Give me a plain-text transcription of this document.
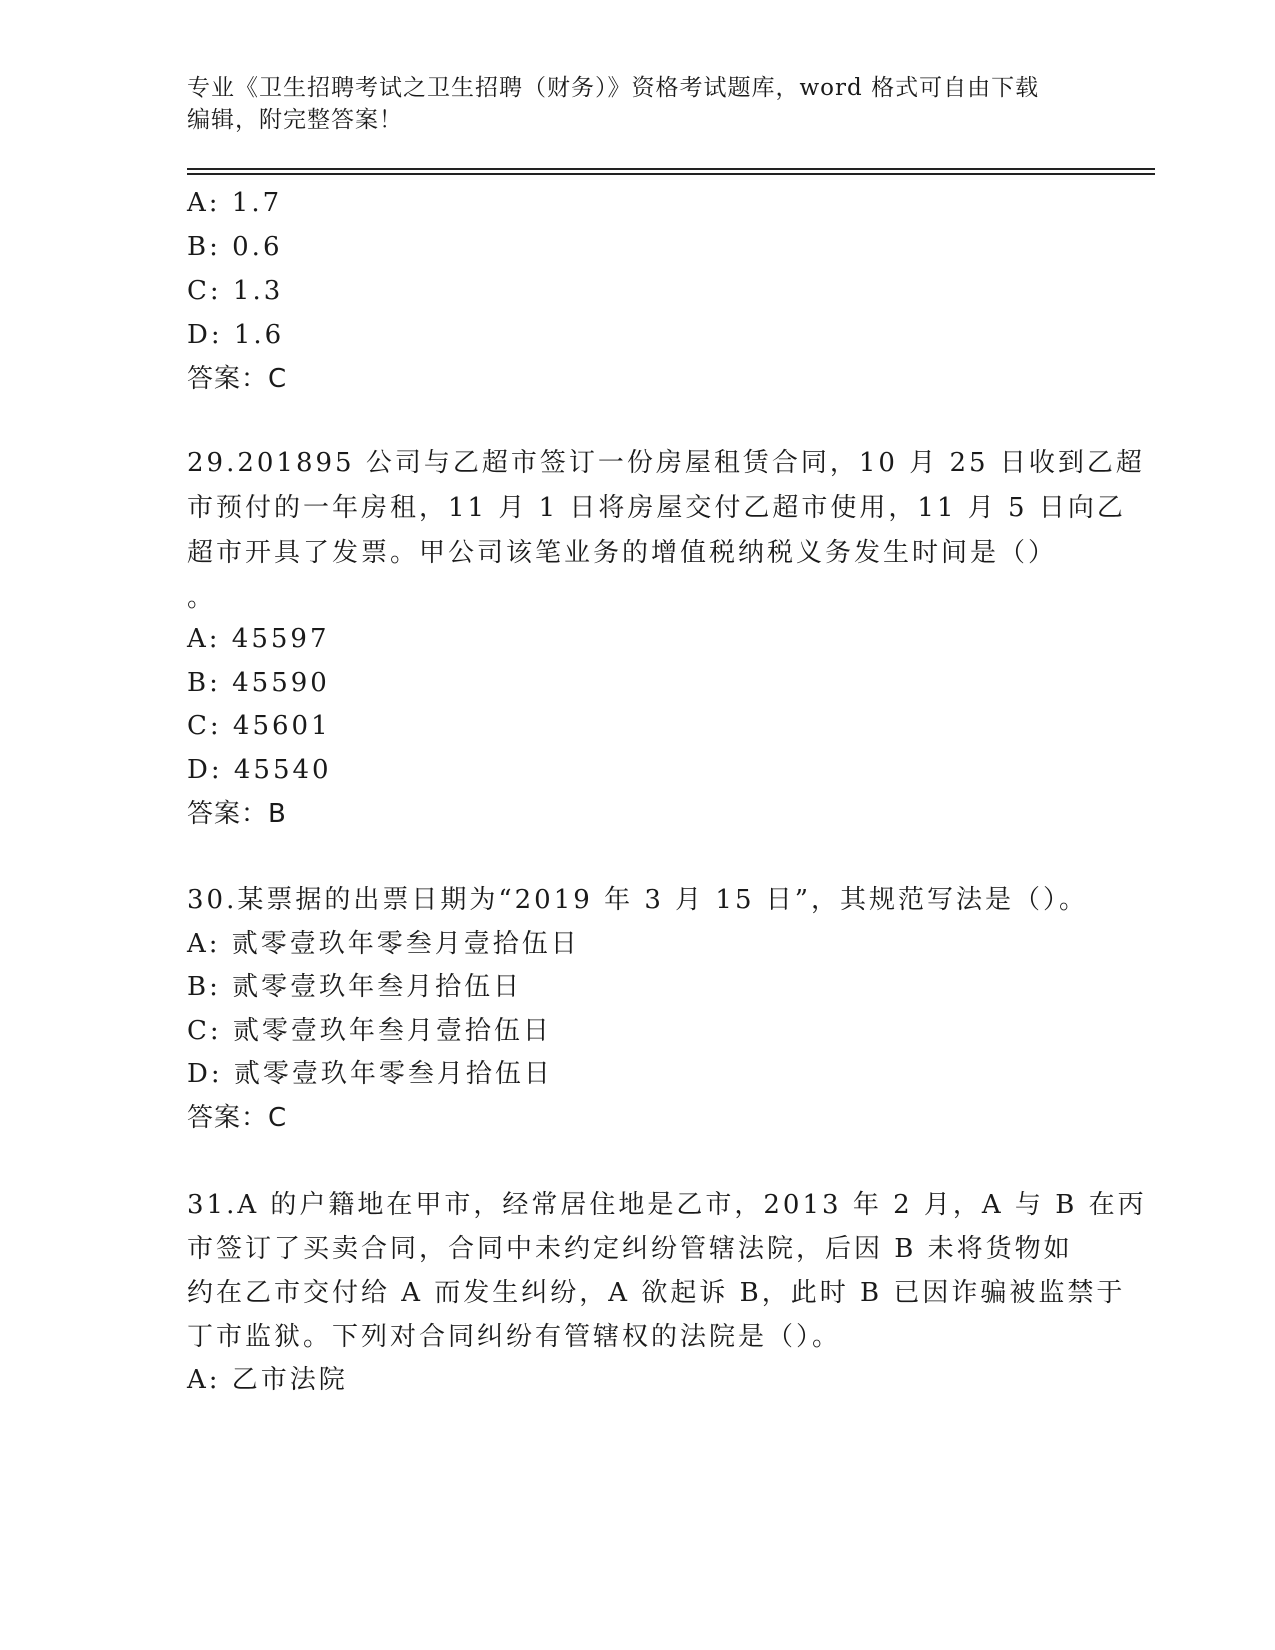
专业《卫生招聘考试之卫生招聘（财务）》资格考试题库，word 格式可自由下载
编辑，附完整答案！
A: 1.7
B: 0.6
C: 1.3
D: 1.6
答案：C
29.201895 公司与乙超市签订一份房屋租赁合同，10 月 25 日收到乙超
市预付的一年房租，11 月 1 日将房屋交付乙超市使用，11 月 5 日向乙
超市开具了发票。甲公司该笔业务的增值税纳税义务发生时间是（）
。
A: 45597
B: 45590
C: 45601
D: 45540
答案：B
30.某票据的出票日期为“2019 年 3 月 15 日”，其规范写法是（）。
A: 贰零壹玖年零叁月壹拾伍日
B: 贰零壹玖年叁月拾伍日
C: 贰零壹玖年叁月壹拾伍日
D: 贰零壹玖年零叁月拾伍日
答案：C
31.A 的户籍地在甲市，经常居住地是乙市，2013 年 2 月，A 与 B 在丙
市签订了买卖合同，合同中未约定纠纷管辖法院，后因 B 未将货物如
约在乙市交付给 A 而发生纠纷，A 欲起诉 B，此时 B 已因诈骗被监禁于
丁市监狱。下列对合同纠纷有管辖权的法院是（）。
A: 乙市法院
